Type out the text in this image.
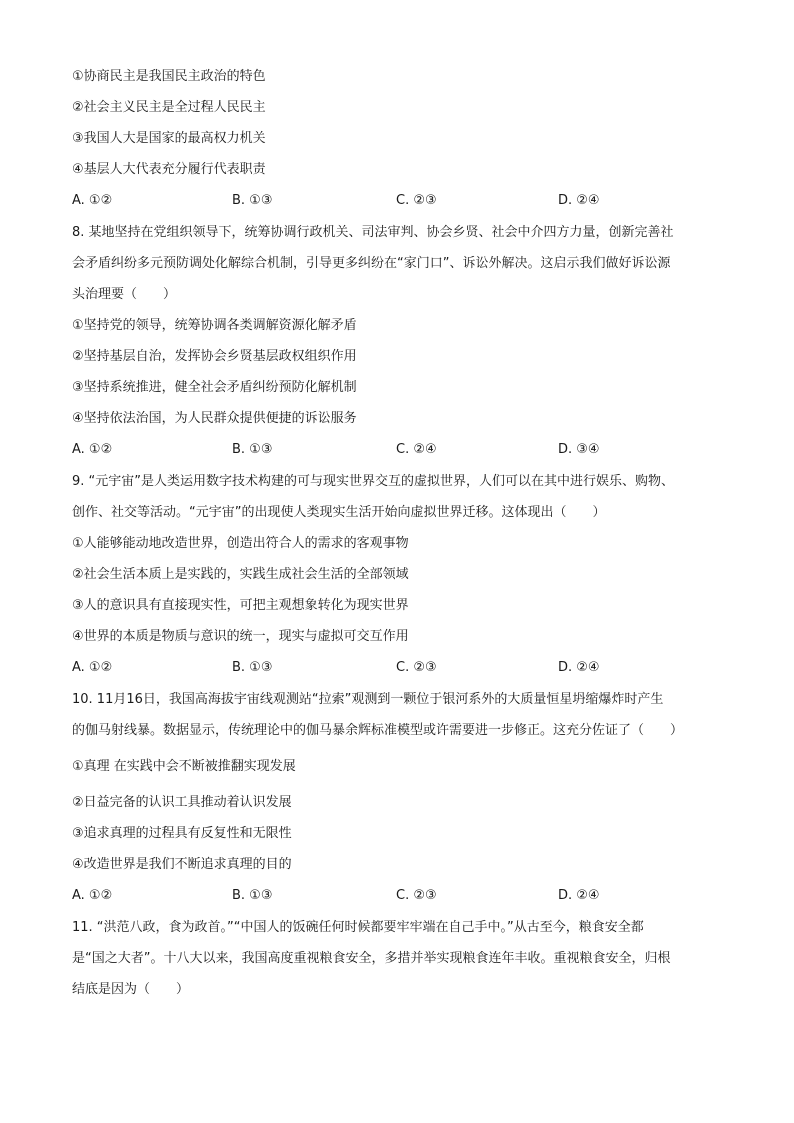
①协商民主是我国民主政治的特色
②社会主义民主是全过程人民民主
③我国人大是国家的最高权力机关
④基层人大代表充分履行代表职责
A. ①②	B. ①③	C. ②③	D. ②④
8. 某地坚持在党组织领导下，统筹协调行政机关、司法审判、协会乡贤、社会中介四方力量，创新完善社
会矛盾纠纷多元预防调处化解综合机制，引导更多纠纷在“家门口”、诉讼外解决。这启示我们做好诉讼源
头治理要（　　）
①坚持党的领导，统筹协调各类调解资源化解矛盾
②坚持基层自治，发挥协会乡贤基层政权组织作用
③坚持系统推进，健全社会矛盾纠纷预防化解机制
④坚持依法治国，为人民群众提供便捷的诉讼服务
A. ①②	B. ①③	C. ②④	D. ③④
9. “元宇宙”是人类运用数字技术构建的可与现实世界交互的虚拟世界，人们可以在其中进行娱乐、购物、
创作、社交等活动。“元宇宙”的出现使人类现实生活开始向虚拟世界迁移。这体现出（　　）
①人能够能动地改造世界，创造出符合人的需求的客观事物
②社会生活本质上是实践的，实践生成社会生活的全部领域
③人的意识具有直接现实性，可把主观想象转化为现实世界
④世界的本质是物质与意识的统一，现实与虚拟可交互作用
A. ①②	B. ①③	C. ②③	D. ②④
10. 11月16日，我国高海拔宇宙线观测站“拉索”观测到一颗位于银河系外的大质量恒星坍缩爆炸时产生
的伽马射线暴。数据显示，传统理论中的伽马暴余辉标准模型或许需要进一步修正。这充分佐证了（　　）
①真理 在实践中会不断被推翻实现发展
②日益完备的认识工具推动着认识发展
③追求真理的过程具有反复性和无限性
④改造世界是我们不断追求真理的目的
A. ①②	B. ①③	C. ②③	D. ②④
11. “洪范八政，食为政首。”“中国人的饭碗任何时候都要牢牢端在自己手中。”从古至今，粮食安全都
是“国之大者”。十八大以来，我国高度重视粮食安全，多措并举实现粮食连年丰收。重视粮食安全，归根
结底是因为（　　）
